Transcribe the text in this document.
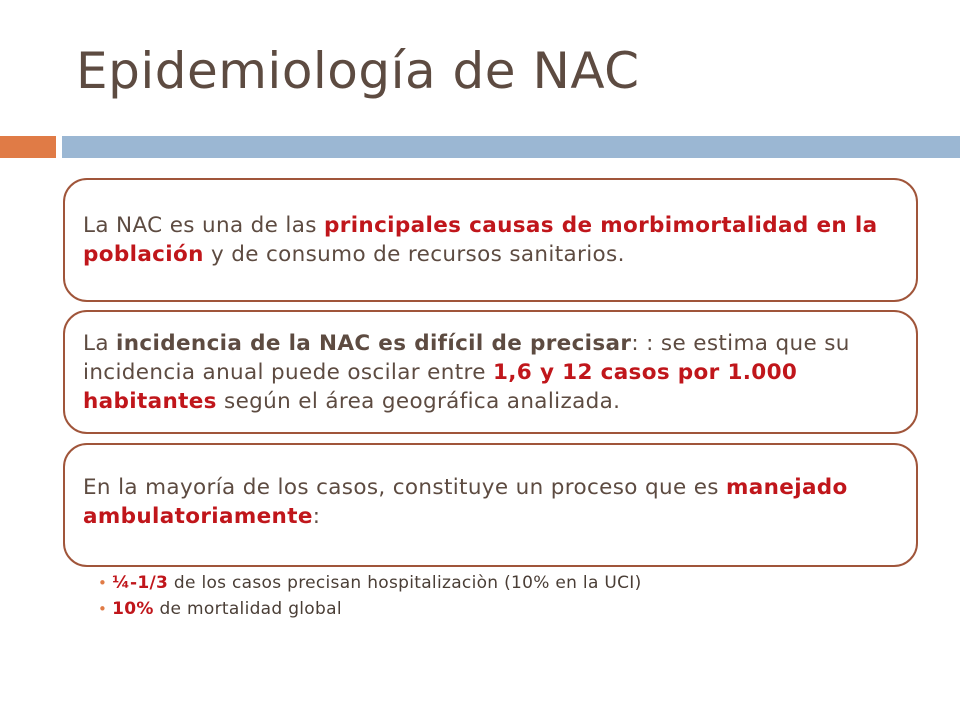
Epidemiología de NAC

La NAC es una de las principales causas de morbimortalidad en la población y de consumo de recursos sanitarios.

La incidencia de la NAC es difícil de precisar: : se estima que su incidencia anual puede oscilar entre 1,6 y 12 casos por 1.000 habitantes según el área geográfica analizada.

En la mayoría de los casos, constituye un proceso que es manejado ambulatoriamente:

• ¼-1/3 de los casos precisan hospitalizaciòn (10% en la UCI)
• 10% de mortalidad global
